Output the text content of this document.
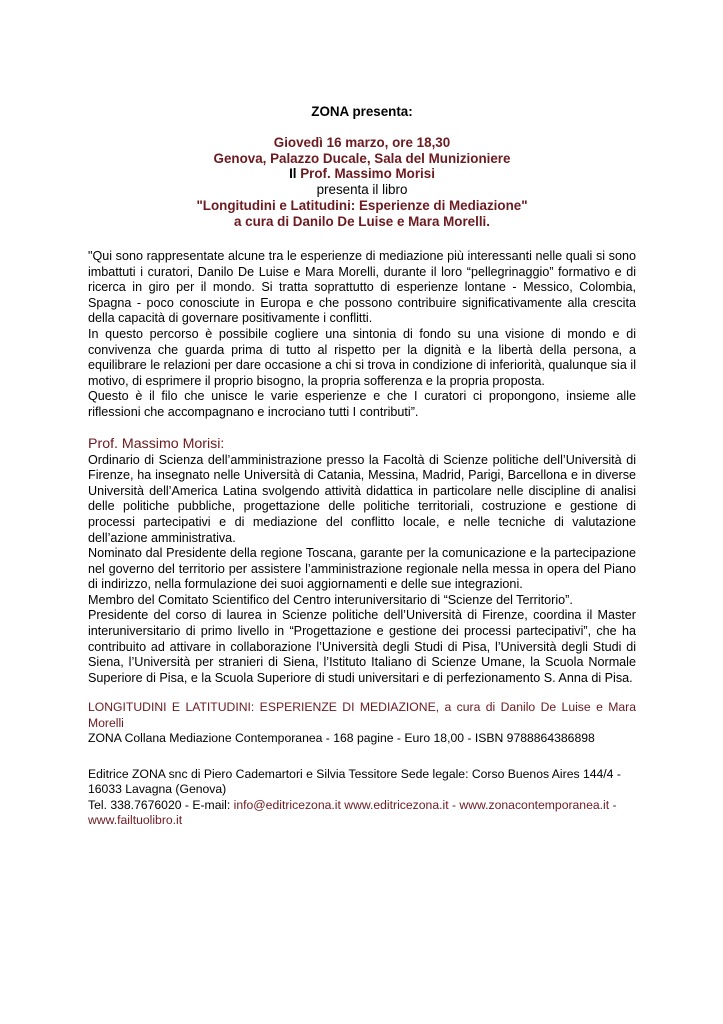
ZONA presenta:
Giovedì 16 marzo, ore 18,30
Genova, Palazzo Ducale, Sala del Munizioniere
Il Prof. Massimo Morisi
presenta il libro
"Longitudini e Latitudini: Esperienze di Mediazione"
a cura di Danilo De Luise e Mara Morelli.

"Qui sono rappresentate alcune tra le esperienze di mediazione più interessanti nelle quali si sono imbattuti i curatori, Danilo De Luise e Mara Morelli, durante il loro “pellegrinaggio” formativo e di ricerca in giro per il mondo. Si tratta soprattutto di esperienze lontane - Messico, Colombia, Spagna - poco conosciute in Europa e che possono contribuire significativamente alla crescita della capacità di governare positivamente i conflitti.

In questo percorso è possibile cogliere una sintonia di fondo su una visione di mondo e di convivenza che guarda prima di tutto al rispetto per la dignità e la libertà della persona, a equilibrare le relazioni per dare occasione a chi si trova in condizione di inferiorità, qualunque sia il motivo, di esprimere il proprio bisogno, la propria sofferenza e la propria proposta.

Questo è il filo che unisce le varie esperienze e che I curatori ci propongono, insieme alle riflessioni che accompagnano e incrociano tutti I contributi”.

Prof. Massimo Morisi:

Ordinario di Scienza dell’amministrazione presso la Facoltà di Scienze politiche dell’Università di Firenze, ha insegnato nelle Università di Catania, Messina, Madrid, Parigi, Barcellona e in diverse Università dell’America Latina svolgendo attività didattica in particolare nelle discipline di analisi delle politiche pubbliche, progettazione delle politiche territoriali, costruzione e gestione di processi partecipativi e di mediazione del conflitto locale, e nelle tecniche di valutazione dell’azione amministrativa.

Nominato dal Presidente della regione Toscana, garante per la comunicazione e la partecipazione nel governo del territorio per assistere l’amministrazione regionale nella messa in opera del Piano di indirizzo, nella formulazione dei suoi aggiornamenti e delle sue integrazioni.

Membro del Comitato Scientifico del Centro interuniversitario di “Scienze del Territorio”.

Presidente del corso di laurea in Scienze politiche dell’Università di Firenze, coordina il Master interuniversitario di primo livello in “Progettazione e gestione dei processi partecipativi”, che ha contribuito ad attivare in collaborazione l’Università degli Studi di Pisa, l’Università degli Studi di Siena, l’Università per stranieri di Siena, l’Istituto Italiano di Scienze Umane, la Scuola Normale Superiore di Pisa, e la Scuola Superiore di studi universitari e di perfezionamento S. Anna di Pisa.

LONGITUDINI E LATITUDINI: ESPERIENZE DI MEDIAZIONE, a cura di Danilo De Luise e Mara Morelli
ZONA Collana Mediazione Contemporanea - 168 pagine - Euro 18,00 - ISBN 9788864386898
Editrice ZONA snc di Piero Cademartori e Silvia Tessitore Sede legale: Corso Buenos Aires 144/4 -
16033 Lavagna (Genova)
Tel. 338.7676020 - E-mail: info@editricezona.it www.editricezona.it - www.zonacontemporanea.it -
www.failtuolibro.it
